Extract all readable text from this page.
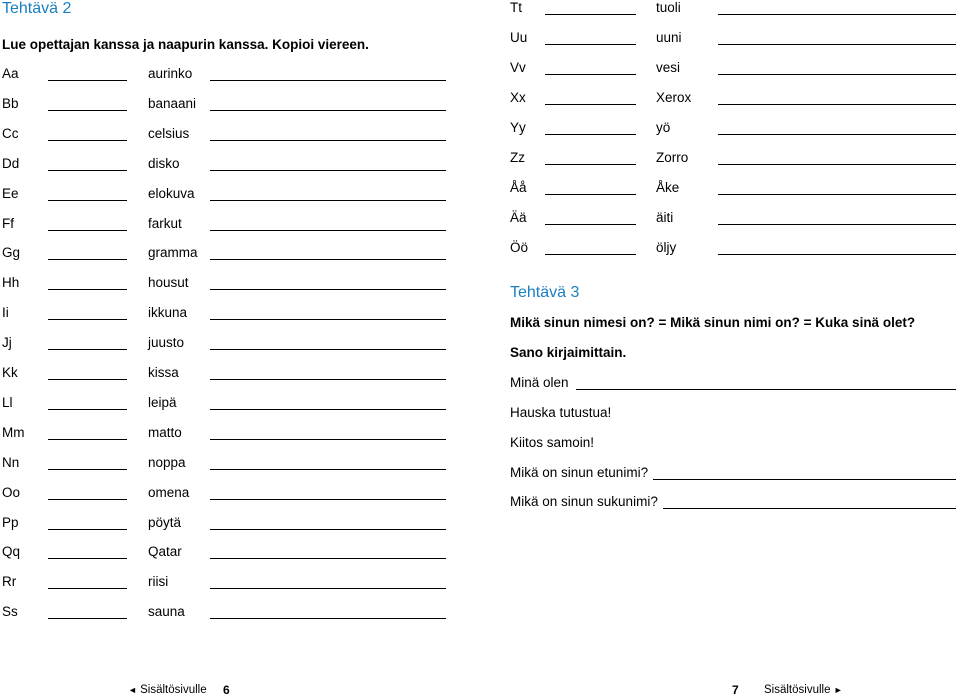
Tehtävä 2
Lue opettajan kanssa ja naapurin kanssa. Kopioi viereen.
Aa	aurinko
Bb	banaani
Cc	celsius
Dd	disko
Ee	elokuva
Ff	farkut
Gg	gramma
Hh	housut
Ii	ikkuna
Jj	juusto
Kk	kissa
Ll	leipä
Mm	matto
Nn	noppa
Oo	omena
Pp	pöytä
Qq	Qatar
Rr	riisi
Ss	sauna
Tt	tuoli
Uu	uuni
Vv	vesi
Xx	Xerox
Yy	yö
Zz	Zorro
Åå	Åke
Ää	äiti
Öö	öljy
Tehtävä 3
Mikä sinun nimesi on? = Mikä sinun nimi on? = Kuka sinä olet?
Sano kirjaimittain.
Minä olen
Hauska tutustua!
Kiitos samoin!
Mikä on sinun etunimi?
Mikä on sinun sukunimi?
◄ Sisältösivulle 6	7 Sisältösivulle ►
